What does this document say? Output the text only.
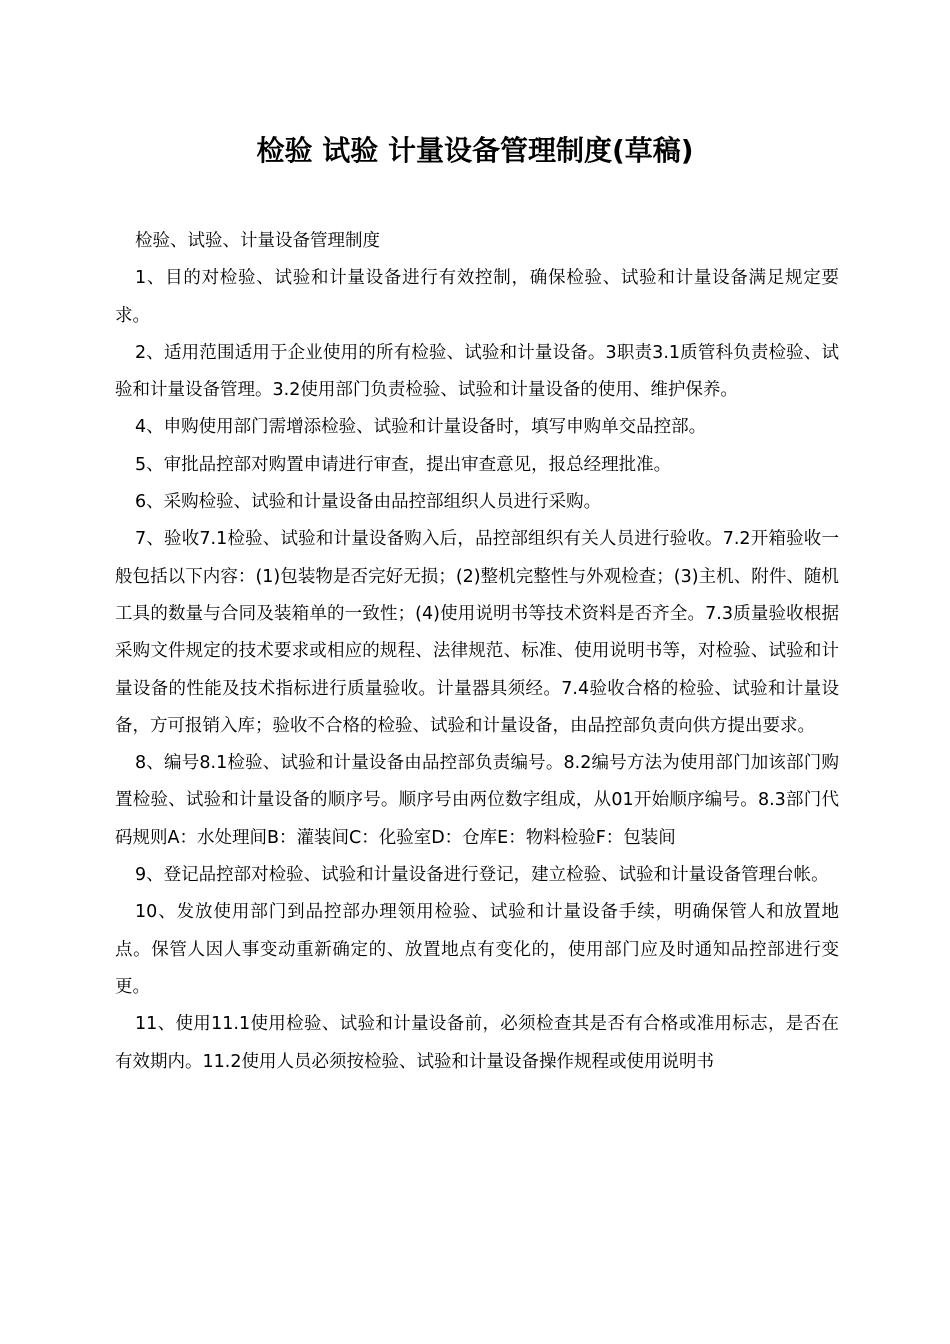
检验 试验 计量设备管理制度(草稿)

检验、试验、计量设备管理制度

1、目的对检验、试验和计量设备进行有效控制，确保检验、试验和计量设备满足规定要求。

2、适用范围适用于企业使用的所有检验、试验和计量设备。3职责3.1质管科负责检验、试验和计量设备管理。3.2使用部门负责检验、试验和计量设备的使用、维护保养。

4、申购使用部门需增添检验、试验和计量设备时，填写申购单交品控部。

5、审批品控部对购置申请进行审查，提出审查意见，报总经理批准。

6、采购检验、试验和计量设备由品控部组织人员进行采购。

7、验收7.1检验、试验和计量设备购入后，品控部组织有关人员进行验收。7.2开箱验收一般包括以下内容：(1)包装物是否完好无损；(2)整机完整性与外观检查；(3)主机、附件、随机工具的数量与合同及装箱单的一致性；(4)使用说明书等技术资料是否齐全。7.3质量验收根据采购文件规定的技术要求或相应的规程、法律规范、标准、使用说明书等，对检验、试验和计量设备的性能及技术指标进行质量验收。计量器具须经。7.4验收合格的检验、试验和计量设备，方可报销入库；验收不合格的检验、试验和计量设备，由品控部负责向供方提出要求。

8、编号8.1检验、试验和计量设备由品控部负责编号。8.2编号方法为使用部门加该部门购置检验、试验和计量设备的顺序号。顺序号由两位数字组成，从01开始顺序编号。8.3部门代码规则A：水处理间B：灌装间C：化验室D：仓库E：物料检验F：包装间

9、登记品控部对检验、试验和计量设备进行登记，建立检验、试验和计量设备管理台帐。

10、发放使用部门到品控部办理领用检验、试验和计量设备手续，明确保管人和放置地点。保管人因人事变动重新确定的、放置地点有变化的，使用部门应及时通知品控部进行变更。

11、使用11.1使用检验、试验和计量设备前，必须检查其是否有合格或准用标志，是否在有效期内。11.2使用人员必须按检验、试验和计量设备操作规程或使用说明书
